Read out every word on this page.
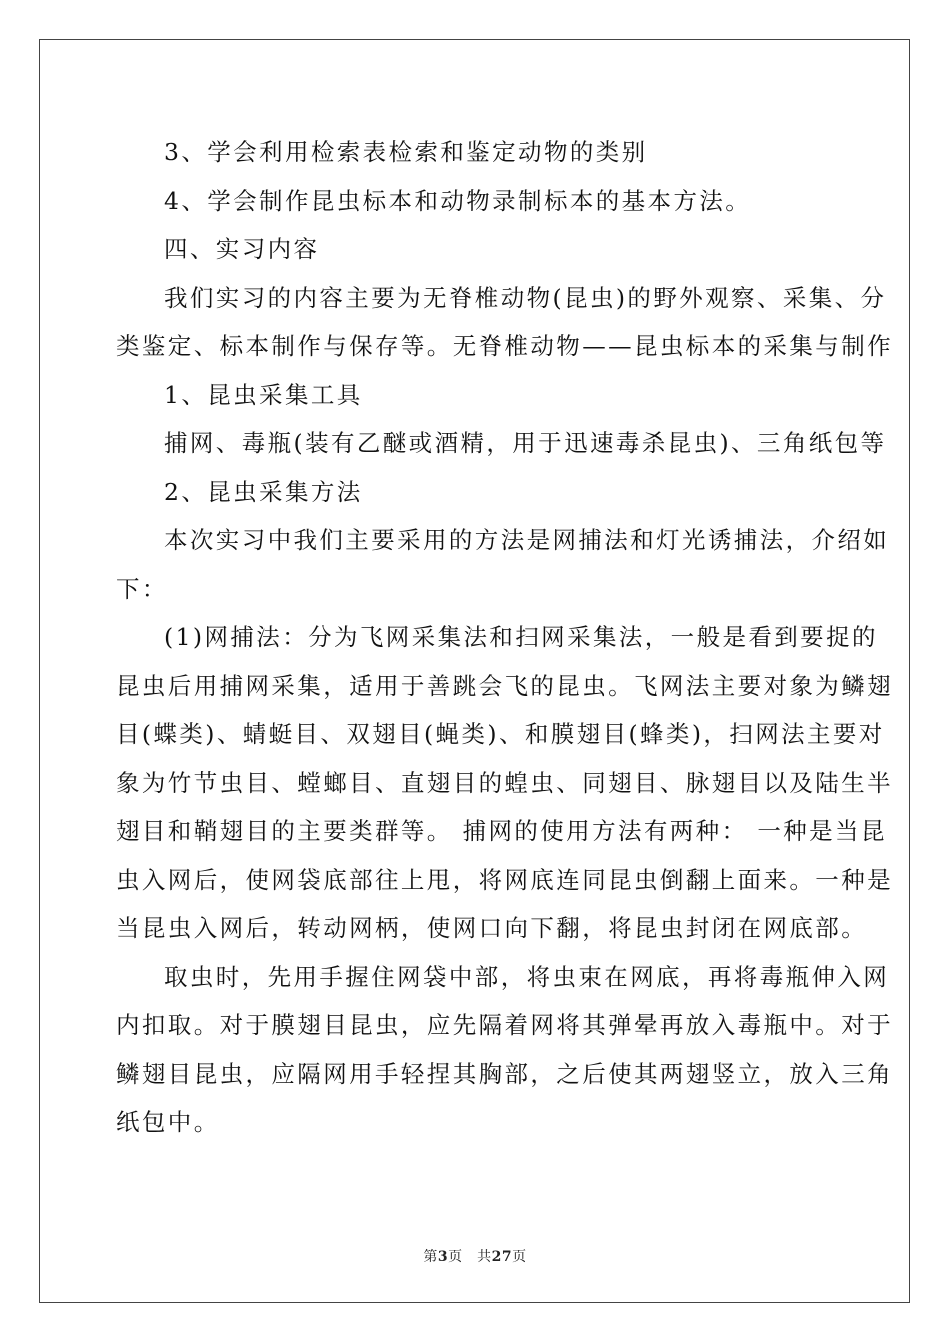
3、学会利用检索表检索和鉴定动物的类别
4、学会制作昆虫标本和动物录制标本的基本方法。
四、实习内容
我们实习的内容主要为无脊椎动物(昆虫)的野外观察、采集、分
类鉴定、标本制作与保存等。无脊椎动物——昆虫标本的采集与制作
1、昆虫采集工具
捕网、毒瓶(装有乙醚或酒精，用于迅速毒杀昆虫)、三角纸包等
2、昆虫采集方法
本次实习中我们主要采用的方法是网捕法和灯光诱捕法，介绍如
下：
(1)网捕法：分为飞网采集法和扫网采集法，一般是看到要捉的
昆虫后用捕网采集，适用于善跳会飞的昆虫。飞网法主要对象为鳞翅
目(蝶类)、蜻蜓目、双翅目(蝇类)、和膜翅目(蜂类)，扫网法主要对
象为竹节虫目、螳螂目、直翅目的蝗虫、同翅目、脉翅目以及陆生半
翅目和鞘翅目的主要类群等。 捕网的使用方法有两种： 一种是当昆
虫入网后，使网袋底部往上甩，将网底连同昆虫倒翻上面来。一种是
当昆虫入网后，转动网柄，使网口向下翻，将昆虫封闭在网底部。
取虫时，先用手握住网袋中部，将虫束在网底，再将毒瓶伸入网
内扣取。对于膜翅目昆虫，应先隔着网将其弹晕再放入毒瓶中。对于
鳞翅目昆虫，应隔网用手轻捏其胸部，之后使其两翅竖立，放入三角
纸包中。
第3页　共27页
